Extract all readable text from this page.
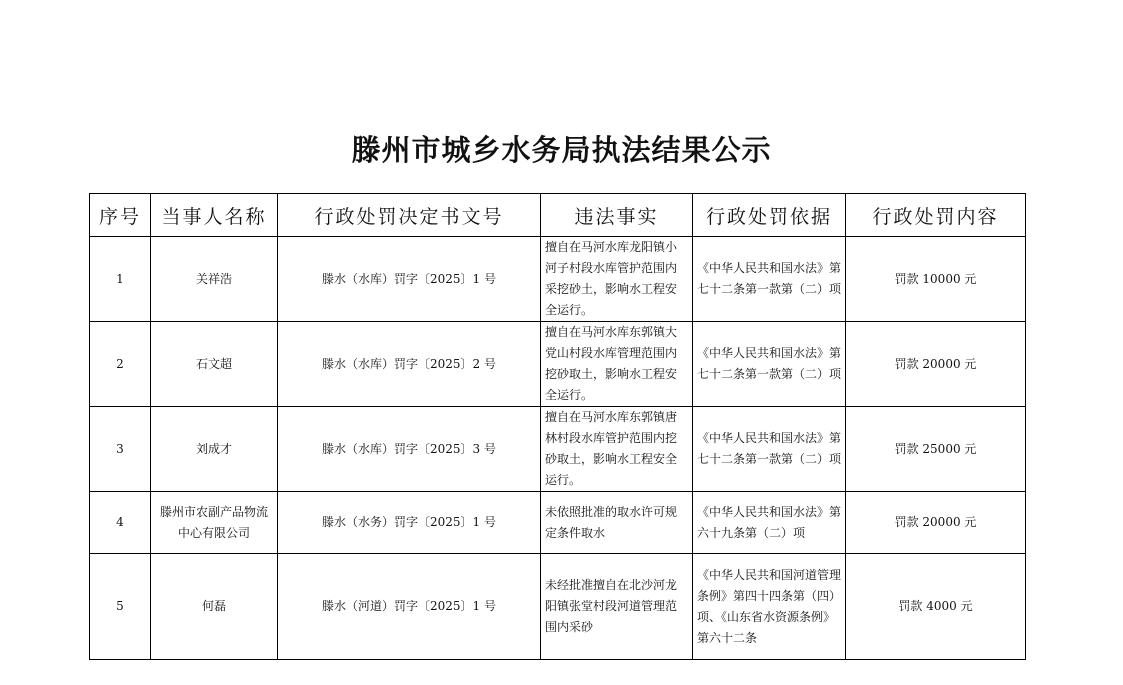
滕州市城乡水务局执法结果公示
序号	当事人名称	行政处罚决定书文号	违法事实	行政处罚依据	行政处罚内容
1	关祥浩	滕水（水库）罚字〔2025〕1 号	擅自在马河水库龙阳镇小河子村段水库管护范围内采挖砂土，影响水工程安全运行。	《中华人民共和国水法》第七十二条第一款第（二）项	罚款 10000 元
2	石文超	滕水（水库）罚字〔2025〕2 号	擅自在马河水库东郭镇大党山村段水库管理范围内挖砂取土，影响水工程安全运行。	《中华人民共和国水法》第七十二条第一款第（二）项	罚款 20000 元
3	刘成才	滕水（水库）罚字〔2025〕3 号	擅自在马河水库东郭镇唐林村段水库管护范围内挖砂取土，影响水工程安全运行。	《中华人民共和国水法》第七十二条第一款第（二）项	罚款 25000 元
4	滕州市农副产品物流中心有限公司	滕水（水务）罚字〔2025〕1 号	未依照批准的取水许可规定条件取水	《中华人民共和国水法》第六十九条第（二）项	罚款 20000 元
5	何磊	滕水（河道）罚字〔2025〕1 号	未经批准擅自在北沙河龙阳镇张堂村段河道管理范围内采砂	《中华人民共和国河道管理条例》第四十四条第（四）项、《山东省水资源条例》第六十二条	罚款 4000 元
